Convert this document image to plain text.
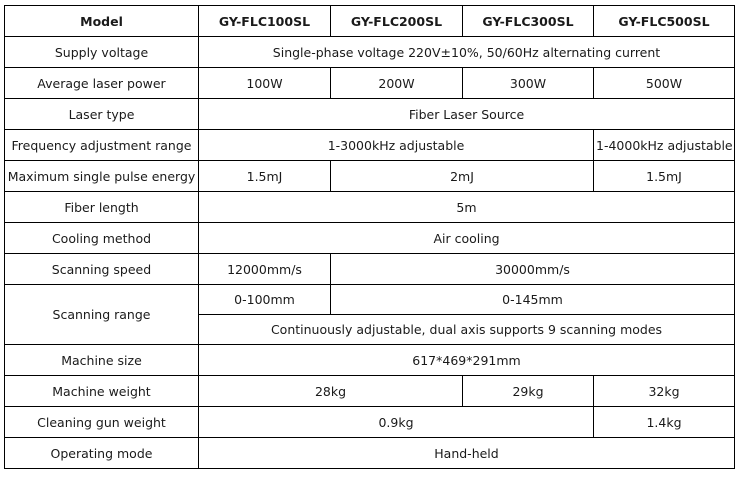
Model	GY-FLC100SL	GY-FLC200SL	GY-FLC300SL	GY-FLC500SL
Supply voltage	Single-phase voltage 220V±10%, 50/60Hz alternating current			
Average laser power	100W	200W	300W	500W
Laser type	Fiber Laser Source			
Frequency adjustment range	1-3000kHz adjustable			1-4000kHz adjustable
Maximum single pulse energy	1.5mJ	2mJ		1.5mJ
Fiber length	5m			
Cooling method	Air cooling			
Scanning speed	12000mm/s	30000mm/s		
Scanning range	0-100mm	0-145mm		
	Continuously adjustable, dual axis supports 9 scanning modes			
Machine size	617*469*291mm			
Machine weight	28kg		29kg	32kg
Cleaning gun weight	0.9kg			1.4kg
Operating mode	Hand-held			
